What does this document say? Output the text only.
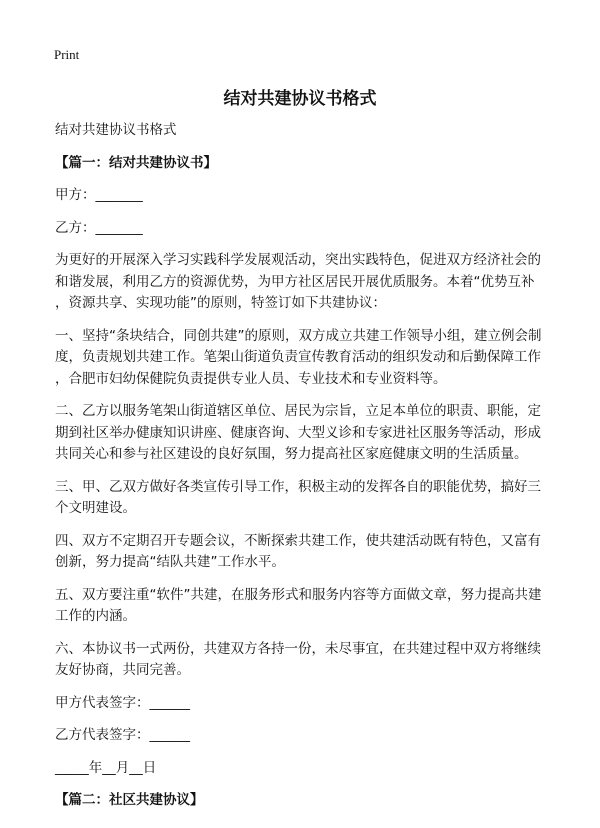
Print
结对共建协议书格式

结对共建协议书格式

【篇一：结对共建协议书】

甲方：_______

乙方：_______

为更好的开展深入学习实践科学发展观活动，突出实践特色，促进双方经济社会的
和谐发展，利用乙方的资源优势，为甲方社区居民开展优质服务。本着“优势互补
，资源共享、实现功能”的原则，特签订如下共建协议：

一、坚持“条块结合，同创共建”的原则，双方成立共建工作领导小组，建立例会制
度，负责规划共建工作。笔架山街道负责宣传教育活动的组织发动和后勤保障工作
，合肥市妇幼保健院负责提供专业人员、专业技术和专业资料等。

二、乙方以服务笔架山街道辖区单位、居民为宗旨，立足本单位的职责、职能，定
期到社区举办健康知识讲座、健康咨询、大型义诊和专家进社区服务等活动，形成
共同关心和参与社区建设的良好氛围，努力提高社区家庭健康文明的生活质量。

三、甲、乙双方做好各类宣传引导工作，积极主动的发挥各自的职能优势，搞好三
个文明建设。

四、双方不定期召开专题会议，不断探索共建工作，使共建活动既有特色，又富有
创新，努力提高“结队共建”工作水平。

五、双方要注重“软件”共建，在服务形式和服务内容等方面做文章，努力提高共建
工作的内涵。

六、本协议书一式两份，共建双方各持一份，未尽事宜，在共建过程中双方将继续
友好协商，共同完善。

甲方代表签字：______

乙方代表签字：______

_____年__月__日

【篇二：社区共建协议】
